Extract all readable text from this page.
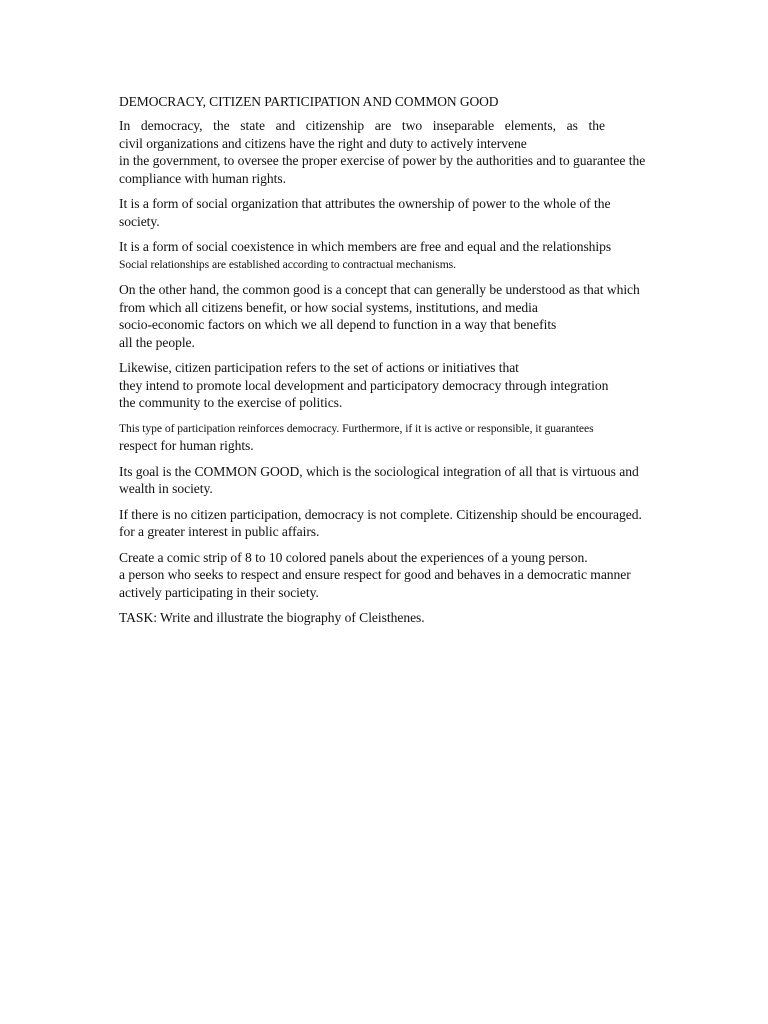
DEMOCRACY, CITIZEN PARTICIPATION AND COMMON GOOD
In democracy, the state and citizenship are two inseparable elements, as the
civil organizations and citizens have the right and duty to actively intervene
in the government, to oversee the proper exercise of power by the authorities and to guarantee the
compliance with human rights.
It is a form of social organization that attributes the ownership of power to the whole of the
society.
It is a form of social coexistence in which members are free and equal and the relationships
Social relationships are established according to contractual mechanisms.
On the other hand, the common good is a concept that can generally be understood as that which
from which all citizens benefit, or how social systems, institutions, and media
socio-economic factors on which we all depend to function in a way that benefits
all the people.
Likewise, citizen participation refers to the set of actions or initiatives that
they intend to promote local development and participatory democracy through integration
the community to the exercise of politics.
This type of participation reinforces democracy. Furthermore, if it is active or responsible, it guarantees
respect for human rights.
Its goal is the COMMON GOOD, which is the sociological integration of all that is virtuous and
wealth in society.
If there is no citizen participation, democracy is not complete. Citizenship should be encouraged.
for a greater interest in public affairs.
Create a comic strip of 8 to 10 colored panels about the experiences of a young person.
a person who seeks to respect and ensure respect for good and behaves in a democratic manner
actively participating in their society.
TASK: Write and illustrate the biography of Cleisthenes.
